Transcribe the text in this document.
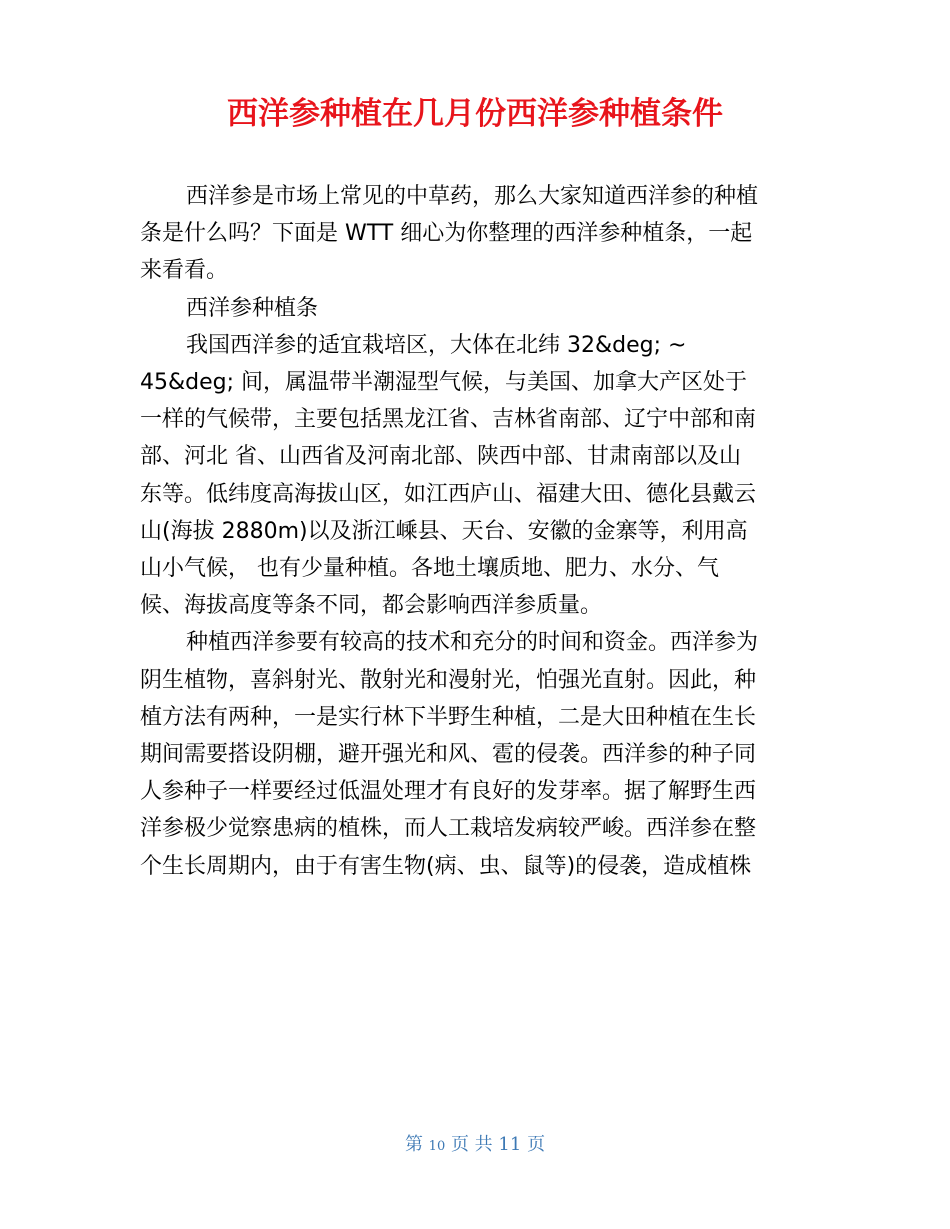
西洋参种植在几月份西洋参种植条件
西洋参是市场上常见的中草药，那么大家知道西洋参的种植
条是什么吗？下面是 WTT 细心为你整理的西洋参种植条，一起
来看看。
西洋参种植条
我国西洋参的适宜栽培区，大体在北纬 32&deg; ~
45&deg; 间，属温带半潮湿型气候，与美国、加拿大产区处于
一样的气候带，主要包括黑龙江省、吉林省南部、辽宁中部和南
部、河北 省、山西省及河南北部、陕西中部、甘肃南部以及山
东等。低纬度高海拔山区，如江西庐山、福建大田、德化县戴云
山(海拔 2880m)以及浙江嵊县、天台、安徽的金寨等，利用高
山小气候， 也有少量种植。各地土壤质地、肥力、水分、气
候、海拔高度等条不同，都会影响西洋参质量。
种植西洋参要有较高的技术和充分的时间和资金。西洋参为
阴生植物，喜斜射光、散射光和漫射光，怕强光直射。因此，种
植方法有两种，一是实行林下半野生种植，二是大田种植在生长
期间需要搭设阴棚，避开强光和风、雹的侵袭。西洋参的种子同
人参种子一样要经过低温处理才有良好的发芽率。据了解野生西
洋参极少觉察患病的植株，而人工栽培发病较严峻。西洋参在整
个生长周期内，由于有害生物(病、虫、鼠等)的侵袭，造成植株
第 10 页 共 11 页
